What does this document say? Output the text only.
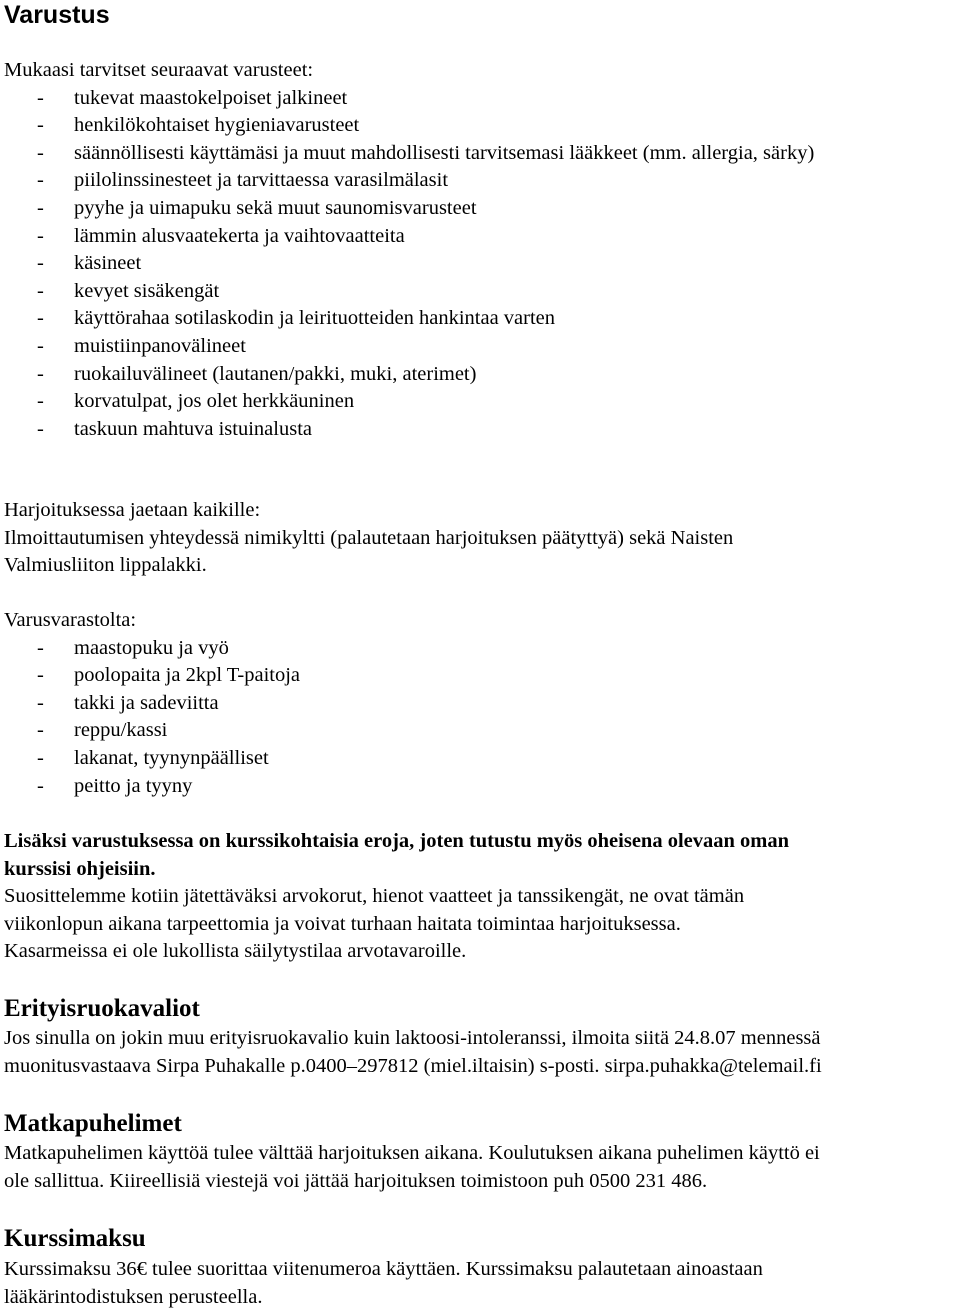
Varustus

Mukaasi tarvitset seuraavat varusteet:

- tukevat maastokelpoiset jalkineet
- henkilökohtaiset hygieniavarusteet
- säännöllisesti käyttämäsi ja muut mahdollisesti tarvitsemasi lääkkeet (mm. allergia, särky)
- piilolinssinesteet ja tarvittaessa varasilmälasit
- pyyhe ja uimapuku sekä muut saunomisvarusteet
- lämmin alusvaatekerta ja vaihtovaatteita
- käsineet
- kevyet sisäkengät
- käyttörahaa sotilaskodin ja leirituotteiden hankintaa varten
- muistiinpanovälineet
- ruokailuvälineet (lautanen/pakki, muki, aterimet)
- korvatulpat, jos olet herkkäuninen
- taskuun mahtuva istuinalusta

Harjoituksessa jaetaan kaikille:

Ilmoittautumisen yhteydessä nimikyltti (palautetaan harjoituksen päätyttyä) sekä Naisten

Valmiusliiton lippalakki.

Varusvarastolta:

- maastopuku ja vyö
- poolopaita ja 2kpl T-paitoja
- takki ja sadeviitta
- reppu/kassi
- lakanat, tyynynpäälliset
- peitto ja tyyny

Lisäksi varustuksessa on kurssikohtaisia eroja, joten tutustu myös oheisena olevaan oman

kurssisi ohjeisiin.

Suosittelemme kotiin jätettäväksi arvokorut, hienot vaatteet ja tanssikengät, ne ovat tämän

viikonlopun aikana tarpeettomia ja voivat turhaan haitata toimintaa harjoituksessa.

Kasarmeissa ei ole lukollista säilytystilaa arvotavaroille.

Erityisruokavaliot

Jos sinulla on jokin muu erityisruokavalio kuin laktoosi-intoleranssi, ilmoita siitä 24.8.07 mennessä

muonitusvastaava Sirpa Puhakalle p.0400–297812 (miel.iltaisin) s-posti. sirpa.puhakka@telemail.fi

Matkapuhelimet

Matkapuhelimen käyttöä tulee välttää harjoituksen aikana. Koulutuksen aikana puhelimen käyttö ei

ole sallittua. Kiireellisiä viestejä voi jättää harjoituksen toimistoon puh 0500 231 486.

Kurssimaksu

Kurssimaksu 36€ tulee suorittaa viitenumeroa käyttäen. Kurssimaksu palautetaan ainoastaan

lääkärintodistuksen perusteella.
